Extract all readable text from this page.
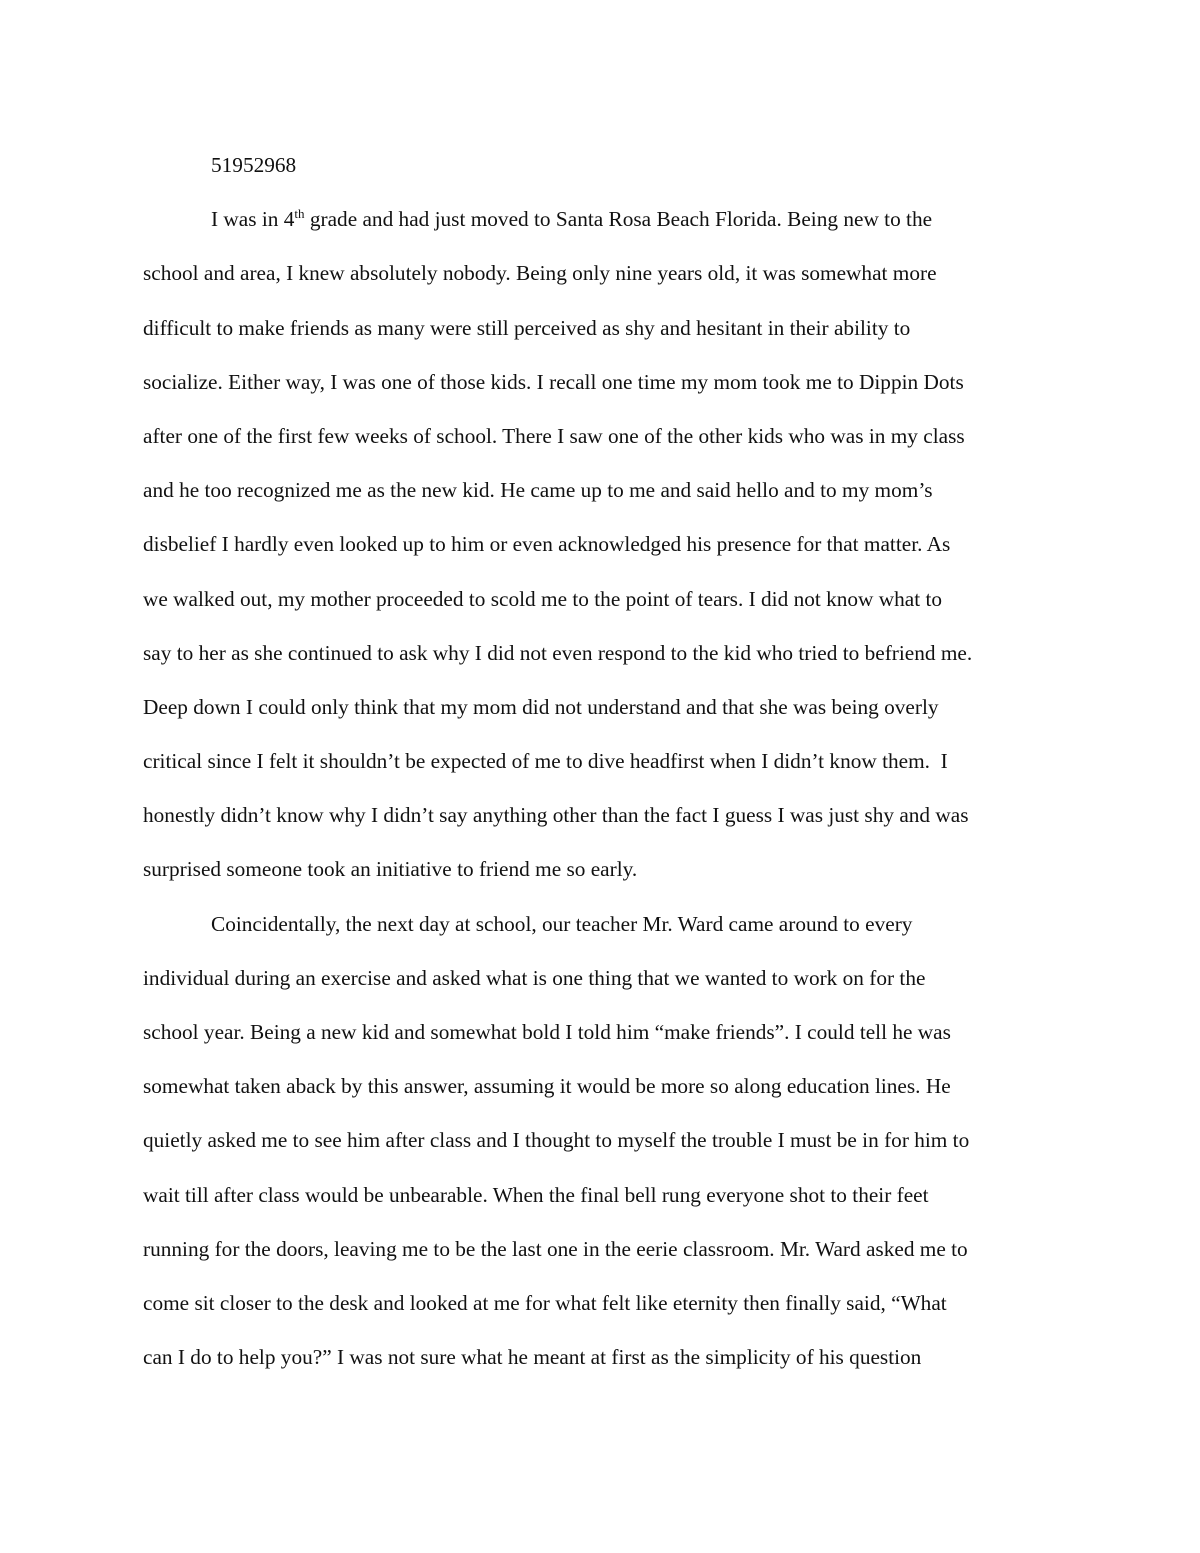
51952968
I was in 4th grade and had just moved to Santa Rosa Beach Florida. Being new to the
school and area, I knew absolutely nobody. Being only nine years old, it was somewhat more
difficult to make friends as many were still perceived as shy and hesitant in their ability to
socialize. Either way, I was one of those kids. I recall one time my mom took me to Dippin Dots
after one of the first few weeks of school. There I saw one of the other kids who was in my class
and he too recognized me as the new kid. He came up to me and said hello and to my mom’s
disbelief I hardly even looked up to him or even acknowledged his presence for that matter. As
we walked out, my mother proceeded to scold me to the point of tears. I did not know what to
say to her as she continued to ask why I did not even respond to the kid who tried to befriend me.
Deep down I could only think that my mom did not understand and that she was being overly
critical since I felt it shouldn’t be expected of me to dive headfirst when I didn’t know them.  I
honestly didn’t know why I didn’t say anything other than the fact I guess I was just shy and was
surprised someone took an initiative to friend me so early.
Coincidentally, the next day at school, our teacher Mr. Ward came around to every
individual during an exercise and asked what is one thing that we wanted to work on for the
school year. Being a new kid and somewhat bold I told him “make friends”. I could tell he was
somewhat taken aback by this answer, assuming it would be more so along education lines. He
quietly asked me to see him after class and I thought to myself the trouble I must be in for him to
wait till after class would be unbearable. When the final bell rung everyone shot to their feet
running for the doors, leaving me to be the last one in the eerie classroom. Mr. Ward asked me to
come sit closer to the desk and looked at me for what felt like eternity then finally said, “What
can I do to help you?” I was not sure what he meant at first as the simplicity of his question
